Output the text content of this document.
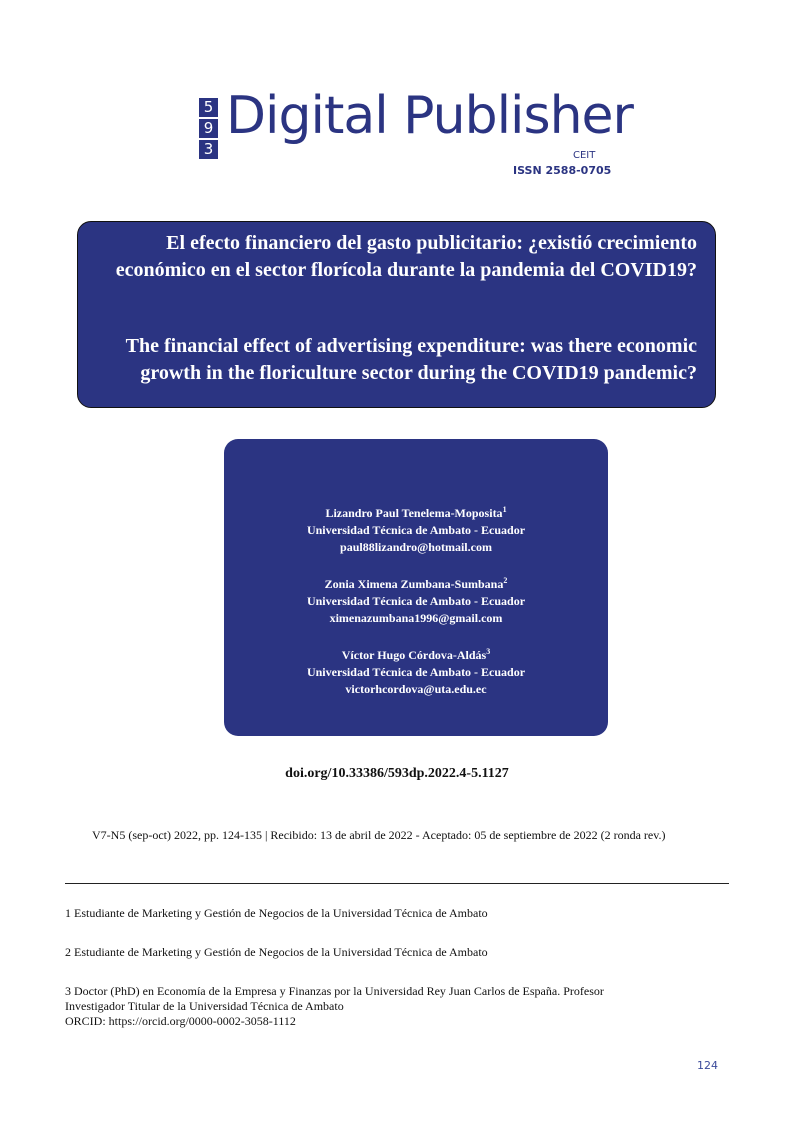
5
9
3
Digital Publisher
CEIT
ISSN 2588-0705
El efecto financiero del gasto publicitario: ¿existió crecimiento económico en el sector florícola durante la pandemia del COVID19?
The financial effect of advertising expenditure: was there economic growth in the floriculture sector during the COVID19 pandemic?
Lizandro Paul Tenelema-Moposita$^1$
Universidad Técnica de Ambato - Ecuador
paul88lizandro@hotmail.com
Zonia Ximena Zumbana-Sumbana$^2$
Universidad Técnica de Ambato - Ecuador
ximenazumbana1996@gmail.com
Víctor Hugo Córdova-Aldás$^3$
Universidad Técnica de Ambato - Ecuador
victorhcordova@uta.edu.ec
doi.org/10.33386/593dp.2022.4-5.1127
V7-N5 (sep-oct) 2022, pp. 124-135 | Recibido: 13 de abril de 2022 - Aceptado: 05 de septiembre de 2022 (2 ronda rev.)
1 Estudiante de Marketing y Gestión de Negocios de la Universidad Técnica de Ambato
2 Estudiante de Marketing y Gestión de Negocios de la Universidad Técnica de Ambato
3 Doctor (PhD) en Economía de la Empresa y Finanzas por la Universidad Rey Juan Carlos de España. Profesor
Investigador Titular de la Universidad Técnica de Ambato
ORCID: https://orcid.org/0000-0002-3058-1112
124
